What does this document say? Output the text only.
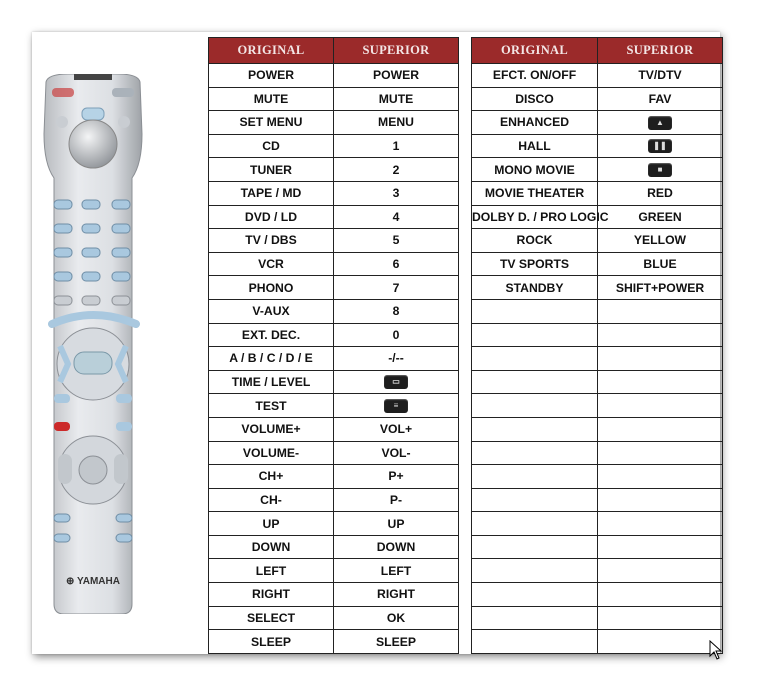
⊕ YAMAHA
ORIGINAL	SUPERIOR
POWER	POWER
MUTE	MUTE
SET MENU	MENU
CD	1
TUNER	2
TAPE / MD	3
DVD / LD	4
TV / DBS	5
VCR	6
PHONO	7
V-AUX	8
EXT. DEC.	0
A / B / C / D / E	-/--
TIME / LEVEL	▭

TEST	≡

VOLUME+	VOL+
VOLUME-	VOL-
CH+	P+
CH-	P-
UP	UP
DOWN	DOWN
LEFT	LEFT
RIGHT	RIGHT
SELECT	OK
SLEEP	SLEEP
ORIGINAL	SUPERIOR
EFCT. ON/OFF	TV/DTV
DISCO	FAV
ENHANCED	▲

HALL	❚❚

MONO MOVIE	■

MOVIE THEATER	RED
DOLBY D. / PRO LOGIC	GREEN
ROCK	YELLOW
TV SPORTS	BLUE
STANDBY	SHIFT+POWER
